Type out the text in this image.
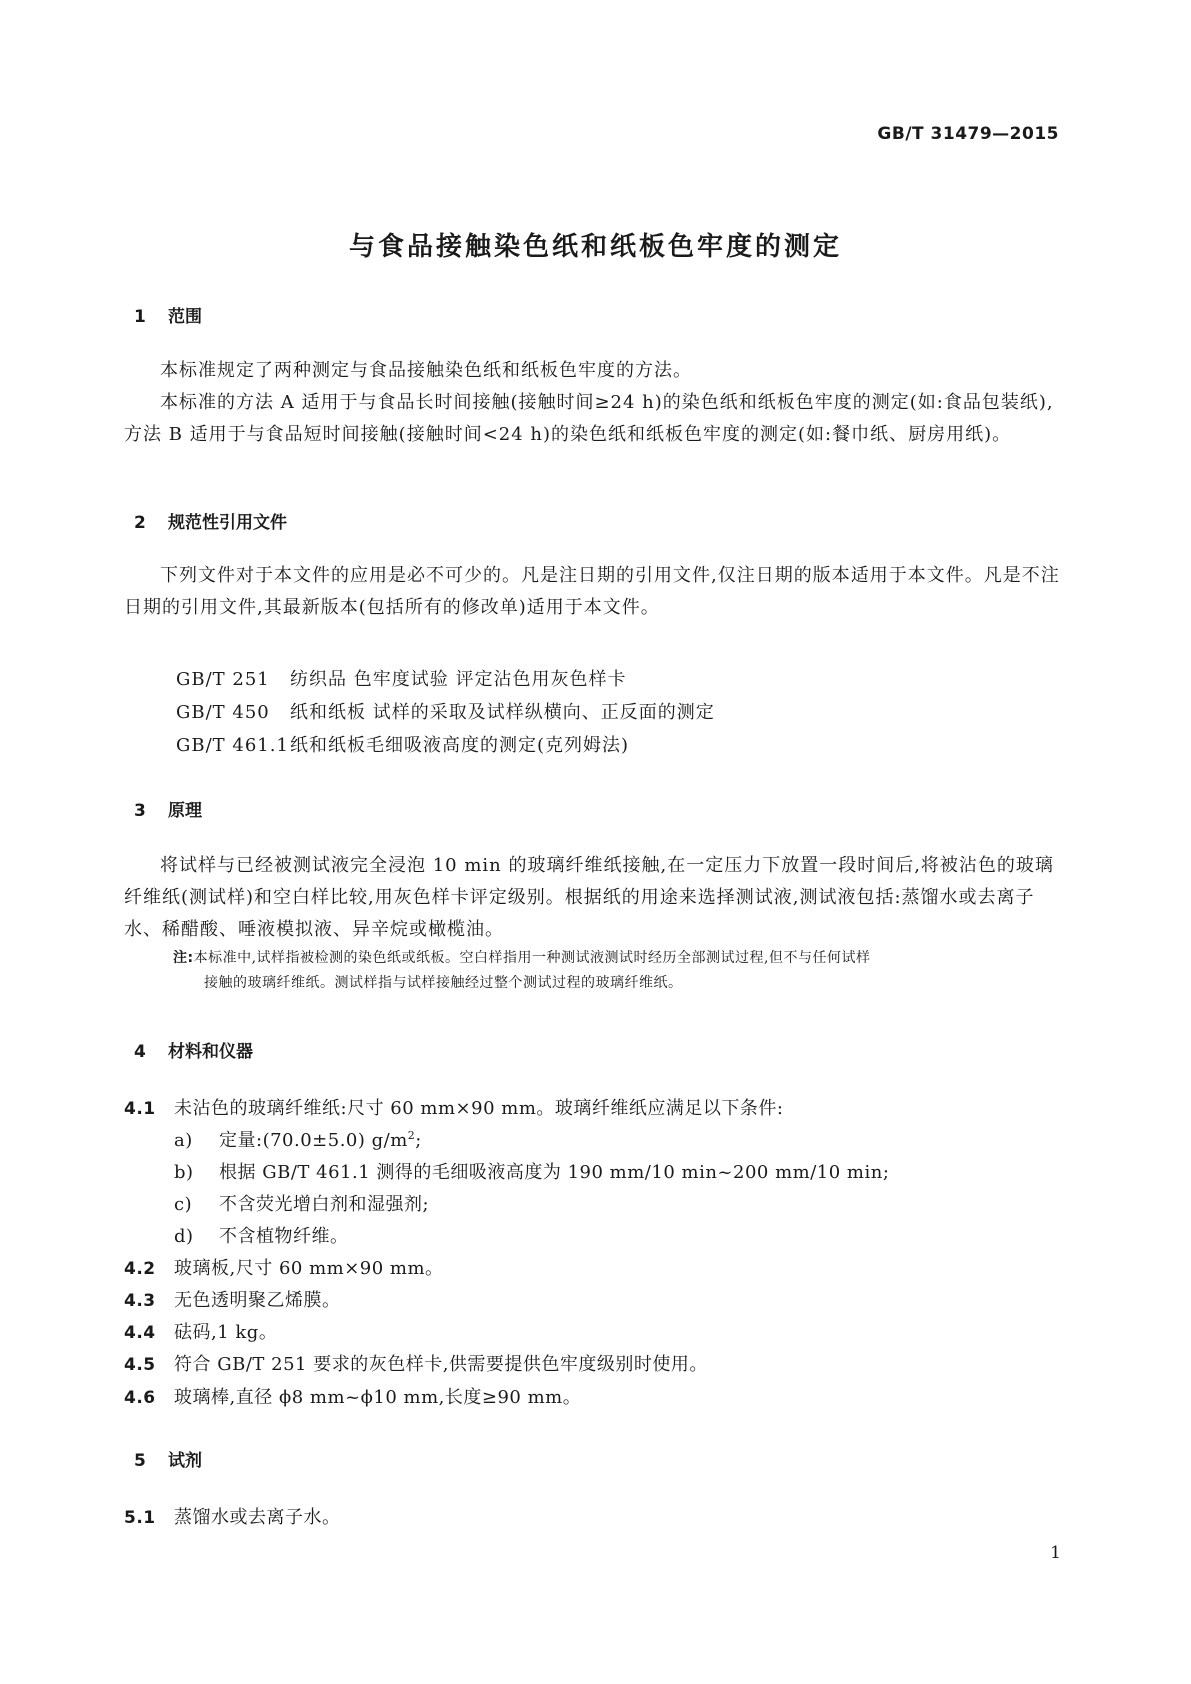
GB/T 31479—2015
与食品接触染色纸和纸板色牢度的测定
1 范围
本标准规定了两种测定与食品接触染色纸和纸板色牢度的方法。
本标准的方法 A 适用于与食品长时间接触(接触时间≥24 h)的染色纸和纸板色牢度的测定(如:食品包装纸),方法 B 适用于与食品短时间接触(接触时间<24 h)的染色纸和纸板色牢度的测定(如:餐巾纸、厨房用纸)。
2 规范性引用文件
下列文件对于本文件的应用是必不可少的。凡是注日期的引用文件,仅注日期的版本适用于本文件。凡是不注日期的引用文件,其最新版本(包括所有的修改单)适用于本文件。
GB/T 251 纺织品 色牢度试验 评定沾色用灰色样卡
GB/T 450 纸和纸板 试样的采取及试样纵横向、正反面的测定
GB/T 461.1纸和纸板毛细吸液高度的测定(克列姆法)
3 原理
将试样与已经被测试液完全浸泡 10 min 的玻璃纤维纸接触,在一定压力下放置一段时间后,将被沾色的玻璃纤维纸(测试样)和空白样比较,用灰色样卡评定级别。根据纸的用途来选择测试液,测试液包括:蒸馏水或去离子水、稀醋酸、唾液模拟液、异辛烷或橄榄油。
注:本标准中,试样指被检测的染色纸或纸板。空白样指用一种测试液测试时经历全部测试过程,但不与任何试样
接触的玻璃纤维纸。测试样指与试样接触经过整个测试过程的玻璃纤维纸。
4 材料和仪器
4.1 未沾色的玻璃纤维纸:尺寸 60 mm×90 mm。玻璃纤维纸应满足以下条件:
a) 定量:(70.0±5.0) $g/m^2$;
b) 根据 GB/T 461.1 测得的毛细吸液高度为 190 mm/10 min~200 mm/10 min;
c) 不含荧光增白剂和湿强剂;
d) 不含植物纤维。
4.2 玻璃板,尺寸 60 mm×90 mm。
4.3 无色透明聚乙烯膜。
4.4 砝码,1 kg。
4.5 符合 GB/T 251 要求的灰色样卡,供需要提供色牢度级别时使用。
4.6 玻璃棒,直径 ϕ8 mm~ϕ10 mm,长度≥90 mm。
5 试剂
5.1 蒸馏水或去离子水。
1
